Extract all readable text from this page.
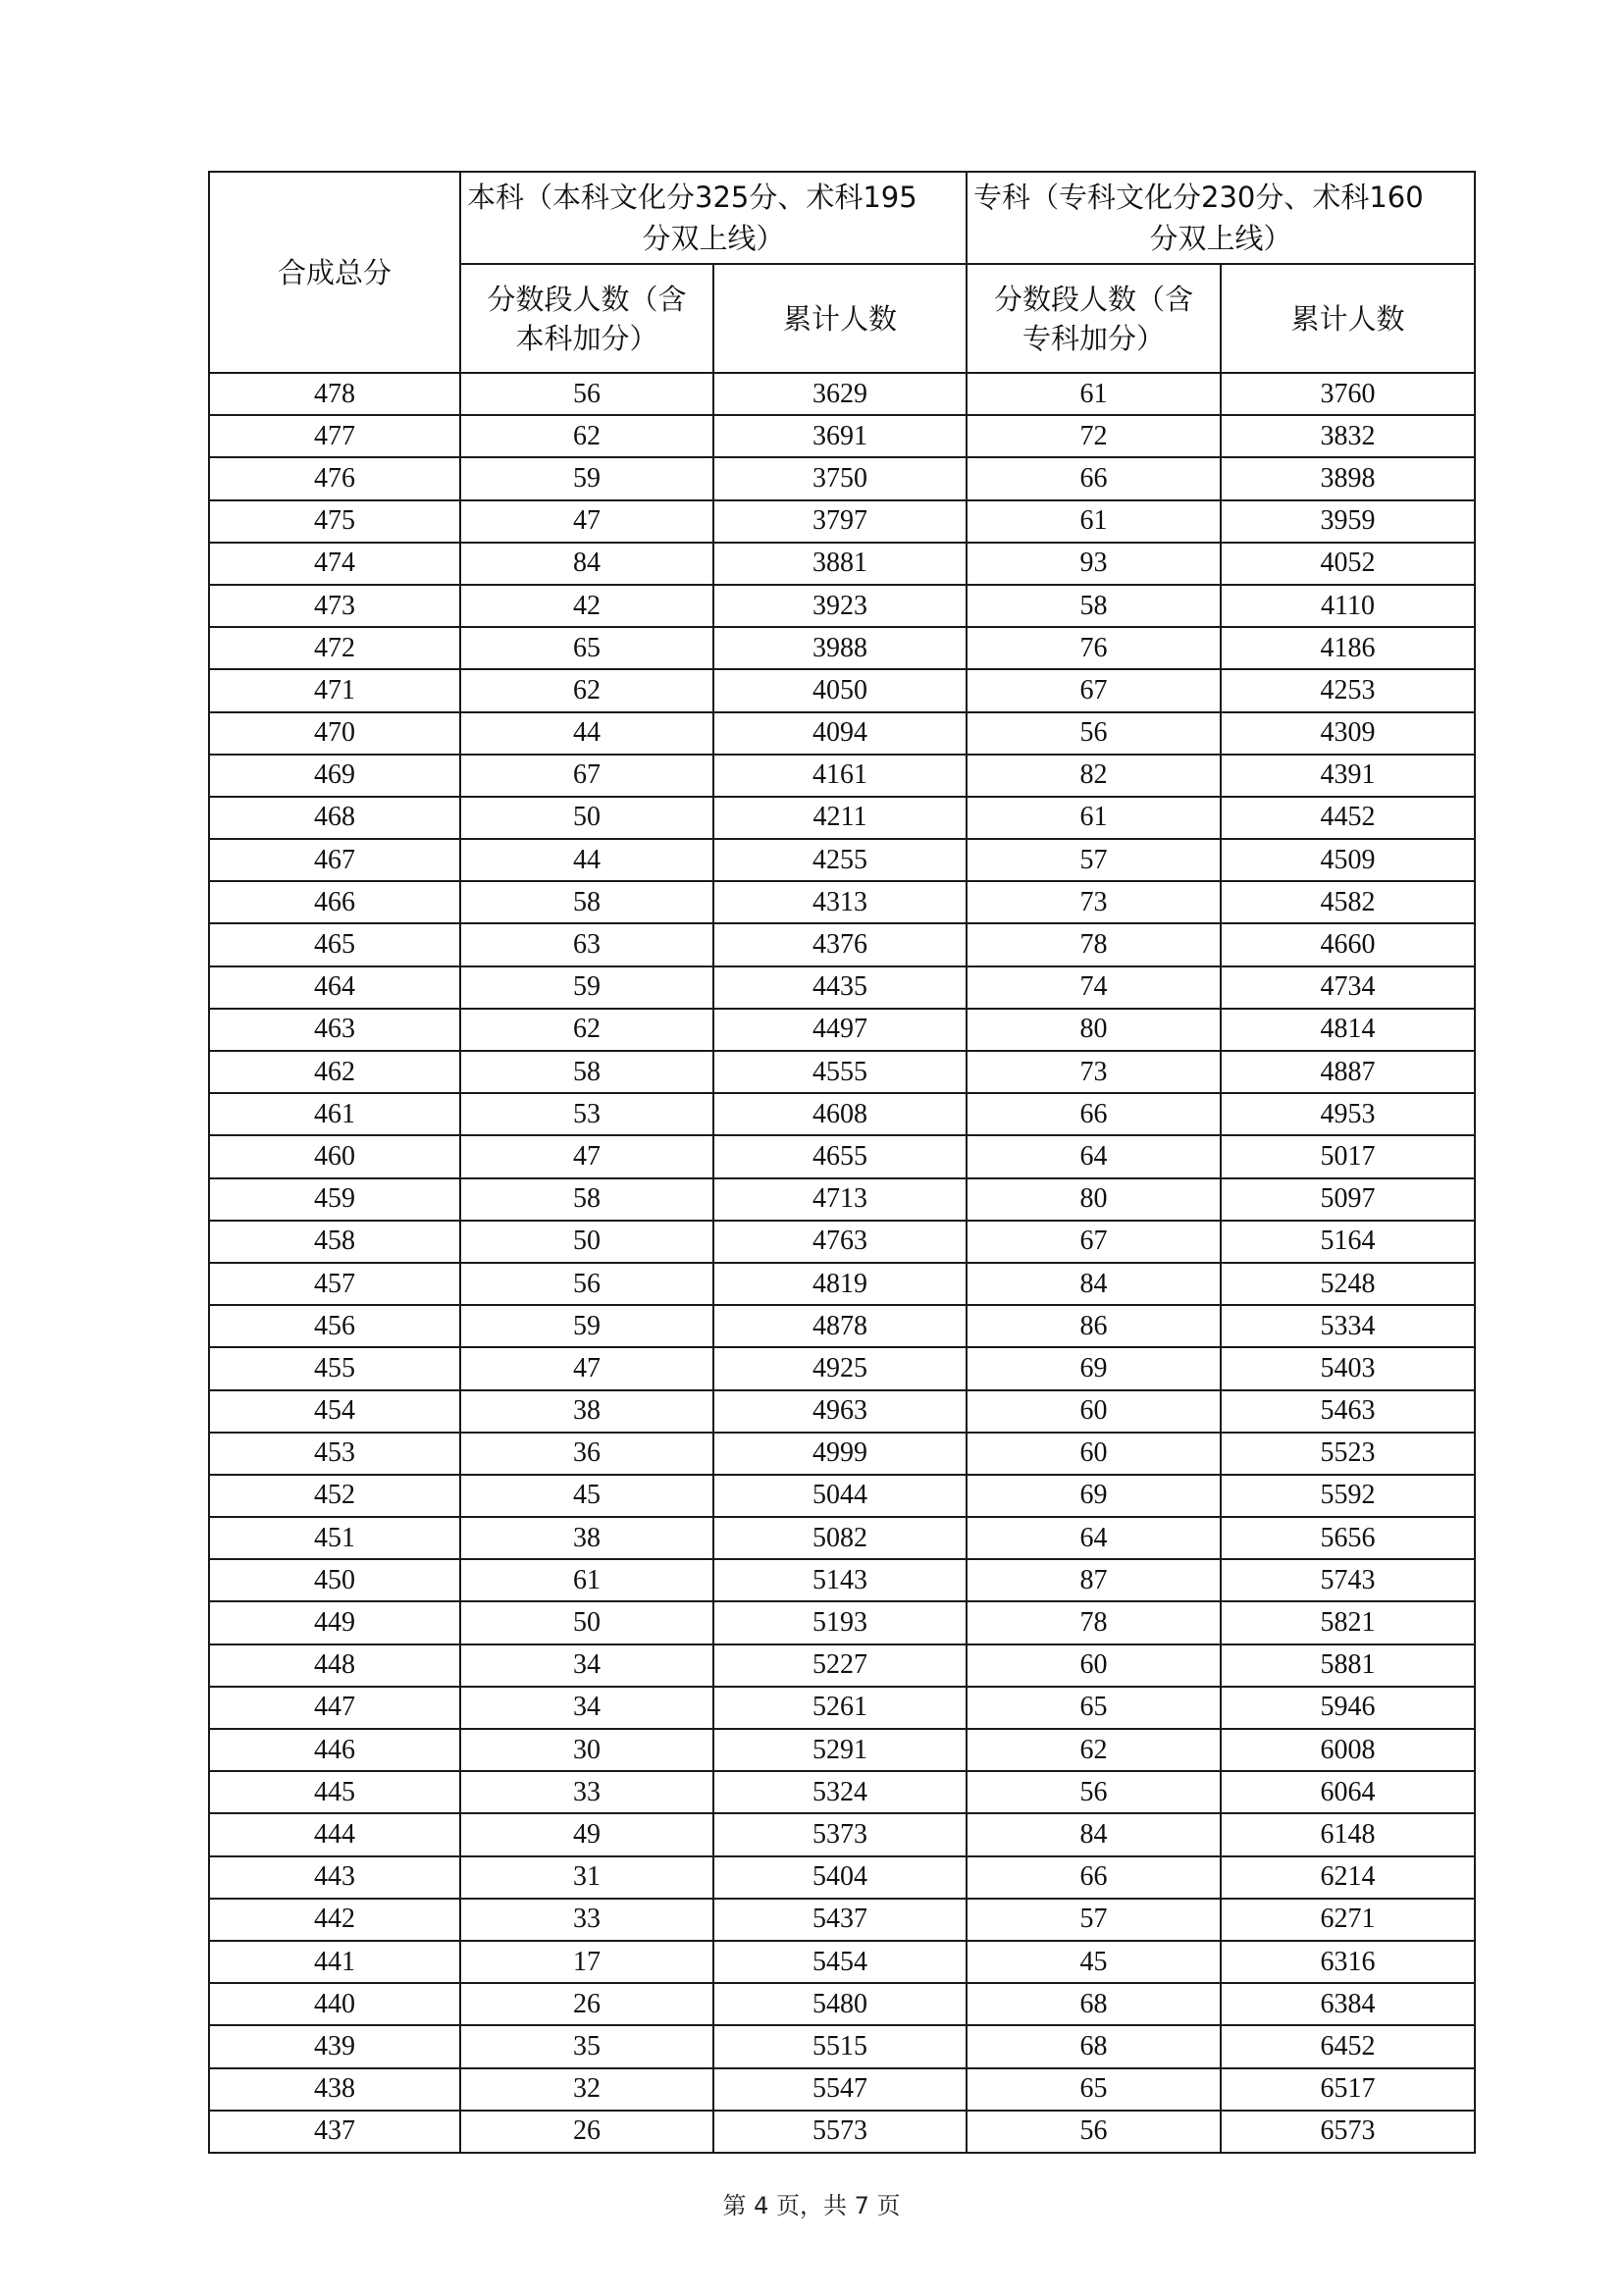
合成总分	本科（本科文化分325分、术科195
分双上线）		专科（专科文化分230分、术科160
分双上线）	

	分数段人数（含
本科加分）	累计人数	分数段人数（含
专科加分）	累计人数
478	56	3629	61	3760
477	62	3691	72	3832
476	59	3750	66	3898
475	47	3797	61	3959
474	84	3881	93	4052
473	42	3923	58	4110
472	65	3988	76	4186
471	62	4050	67	4253
470	44	4094	56	4309
469	67	4161	82	4391
468	50	4211	61	4452
467	44	4255	57	4509
466	58	4313	73	4582
465	63	4376	78	4660
464	59	4435	74	4734
463	62	4497	80	4814
462	58	4555	73	4887
461	53	4608	66	4953
460	47	4655	64	5017
459	58	4713	80	5097
458	50	4763	67	5164
457	56	4819	84	5248
456	59	4878	86	5334
455	47	4925	69	5403
454	38	4963	60	5463
453	36	4999	60	5523
452	45	5044	69	5592
451	38	5082	64	5656
450	61	5143	87	5743
449	50	5193	78	5821
448	34	5227	60	5881
447	34	5261	65	5946
446	30	5291	62	6008
445	33	5324	56	6064
444	49	5373	84	6148
443	31	5404	66	6214
442	33	5437	57	6271
441	17	5454	45	6316
440	26	5480	68	6384
439	35	5515	68	6452
438	32	5547	65	6517
437	26	5573	56	6573
第 4 页，共 7 页
